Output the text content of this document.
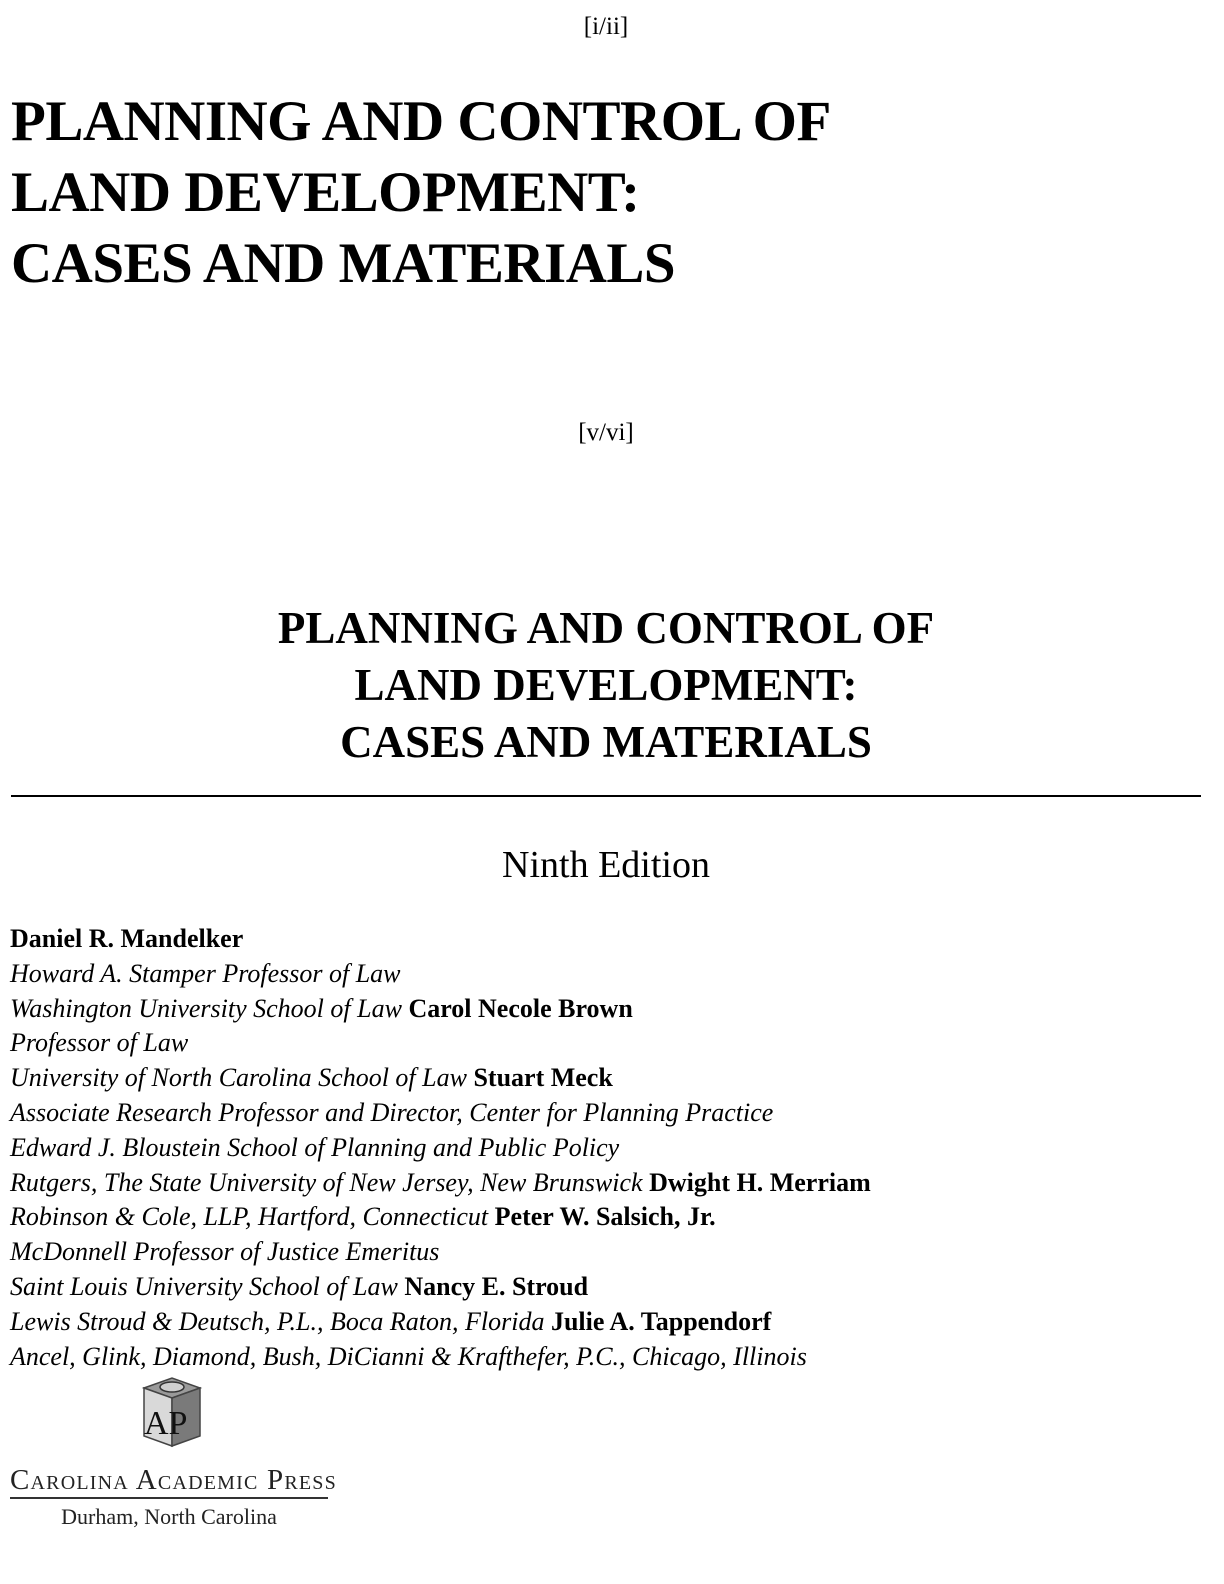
[i/ii]
PLANNING AND CONTROL OF
LAND DEVELOPMENT:
CASES AND MATERIALS
[v/vi]
PLANNING AND CONTROL OF
LAND DEVELOPMENT:
CASES AND MATERIALS
Ninth Edition
Daniel R. Mandelker
Howard A. Stamper Professor of Law
Washington University School of Law Carol Necole Brown
Professor of Law
University of North Carolina School of Law Stuart Meck
Associate Research Professor and Director, Center for Planning Practice
Edward J. Bloustein School of Planning and Public Policy
Rutgers, The State University of New Jersey, New Brunswick Dwight H. Merriam
Robinson & Cole, LLP, Hartford, Connecticut Peter W. Salsich, Jr.
McDonnell Professor of Justice Emeritus
Saint Louis University School of Law Nancy E. Stroud
Lewis Stroud & Deutsch, P.L., Boca Raton, Florida Julie A. Tappendorf
Ancel, Glink, Diamond, Bush, DiCianni & Krafthefer, P.C., Chicago, Illinois
AP
Carolina Academic Press
Durham, North Carolina
